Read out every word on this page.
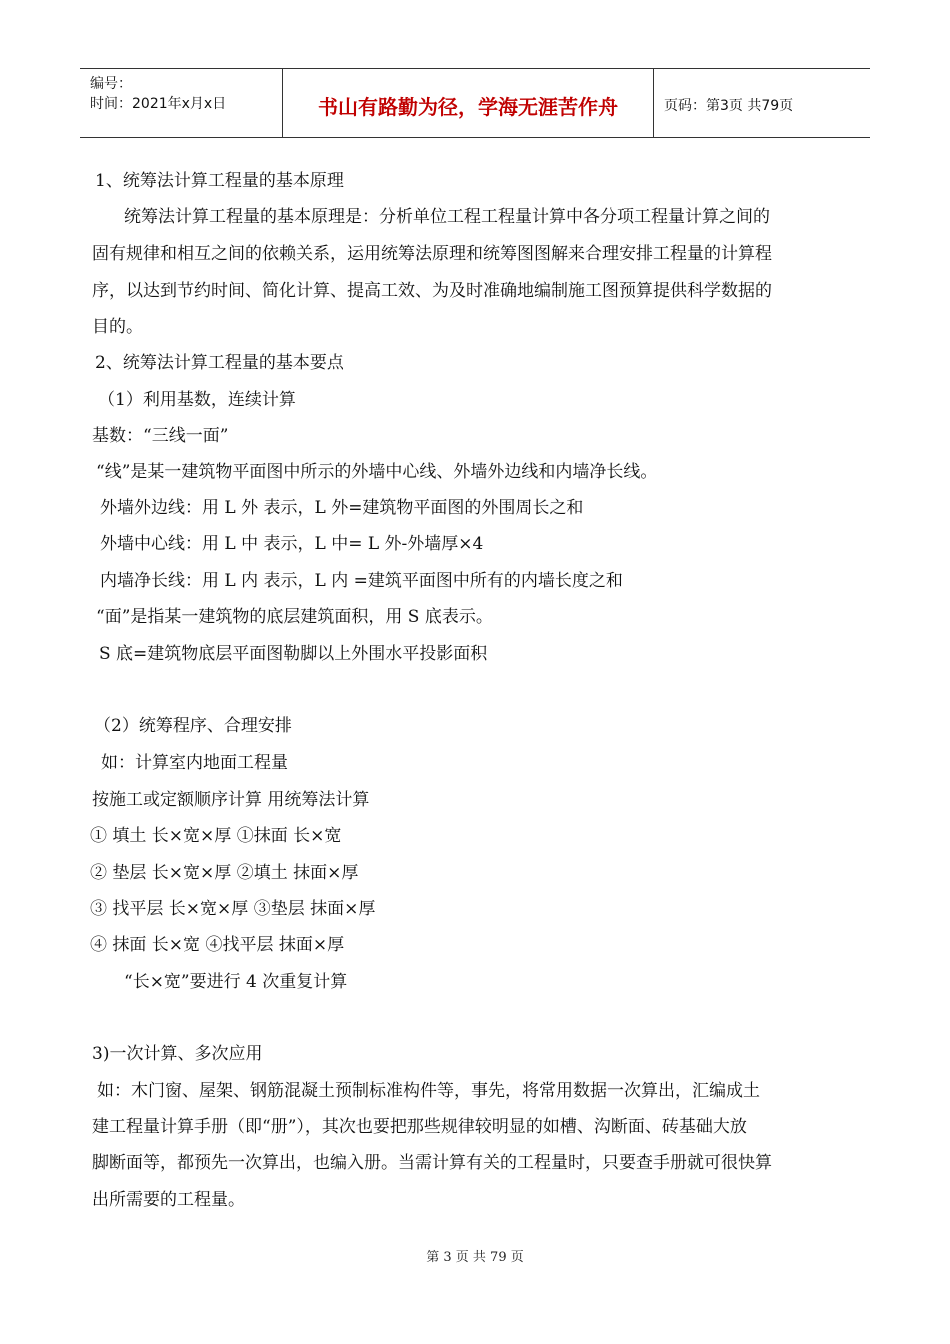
编号：
时间：2021年x月x日	书山有路勤为径，学海无涯苦作舟	页码：第3页 共79页
1、统筹法计算工程量的基本原理
统筹法计算工程量的基本原理是：分析单位工程工程量计算中各分项工程量计算之间的
固有规律和相互之间的依赖关系，运用统筹法原理和统筹图图解来合理安排工程量的计算程
序，以达到节约时间、简化计算、提高工效、为及时准确地编制施工图预算提供科学数据的
目的。
2、统筹法计算工程量的基本要点
（1）利用基数，连续计算
基数：“三线一面”
“线”是某一建筑物平面图中所示的外墙中心线、外墙外边线和内墙净长线。
外墙外边线：用 L 外 表示，L 外=建筑物平面图的外围周长之和
外墙中心线：用 L 中 表示，L 中= L 外-外墙厚×4
内墙净长线：用 L 内 表示，L 内 =建筑平面图中所有的内墙长度之和
“面”是指某一建筑物的底层建筑面积，用 S 底表示。
S 底=建筑物底层平面图勒脚以上外围水平投影面积
（2）统筹程序、合理安排
如：计算室内地面工程量
按施工或定额顺序计算 用统筹法计算
① 填土 长×宽×厚 ①抹面 长×宽
② 垫层 长×宽×厚 ②填土 抹面×厚
③ 找平层 长×宽×厚 ③垫层 抹面×厚
④ 抹面 长×宽 ④找平层 抹面×厚
“长×宽”要进行 4 次重复计算
3)一次计算、多次应用
如：木门窗、屋架、钢筋混凝土预制标准构件等，事先，将常用数据一次算出，汇编成土
建工程量计算手册（即“册”），其次也要把那些规律较明显的如槽、沟断面、砖基础大放
脚断面等，都预先一次算出，也编入册。当需计算有关的工程量时，只要查手册就可很快算
出所需要的工程量。
第 3 页 共 79 页
